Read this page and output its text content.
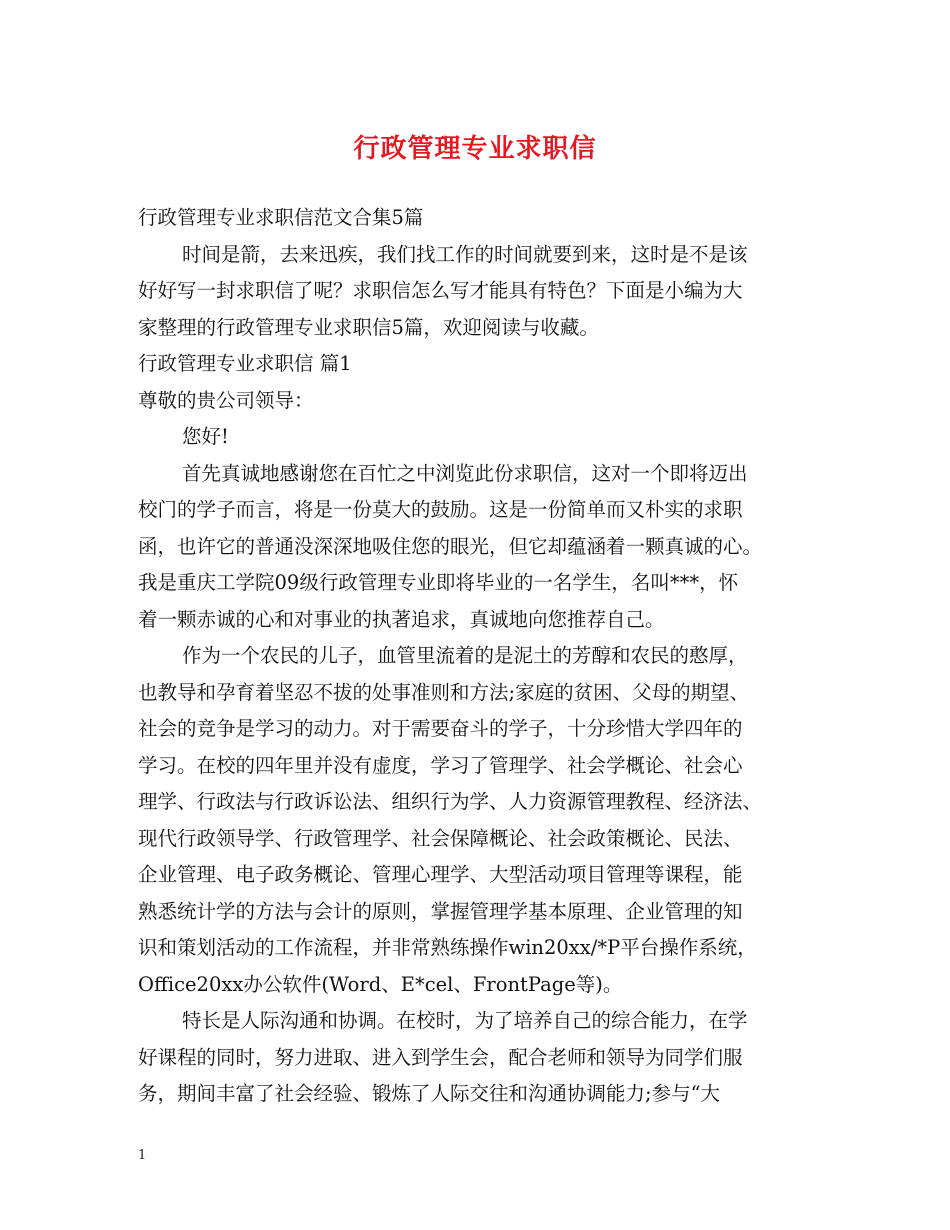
行政管理专业求职信
行政管理专业求职信范文合集5篇
时间是箭，去来迅疾，我们找工作的时间就要到来，这时是不是该
好好写一封求职信了呢？求职信怎么写才能具有特色？下面是小编为大
家整理的行政管理专业求职信5篇，欢迎阅读与收藏。
行政管理专业求职信 篇1
尊敬的贵公司领导：
您好!
首先真诚地感谢您在百忙之中浏览此份求职信，这对一个即将迈出
校门的学子而言，将是一份莫大的鼓励。这是一份简单而又朴实的求职
函，也许它的普通没深深地吸住您的眼光，但它却蕴涵着一颗真诚的心。
我是重庆工学院09级行政管理专业即将毕业的一名学生，名叫***，怀
着一颗赤诚的心和对事业的执著追求，真诚地向您推荐自己。
作为一个农民的儿子，血管里流着的是泥土的芳醇和农民的憨厚，
也教导和孕育着坚忍不拔的处事准则和方法;家庭的贫困、父母的期望、
社会的竞争是学习的动力。对于需要奋斗的学子，十分珍惜大学四年的
学习。在校的四年里并没有虚度，学习了管理学、社会学概论、社会心
理学、行政法与行政诉讼法、组织行为学、人力资源管理教程、经济法、
现代行政领导学、行政管理学、社会保障概论、社会政策概论、民法、
企业管理、电子政务概论、管理心理学、大型活动项目管理等课程，能
熟悉统计学的方法与会计的原则，掌握管理学基本原理、企业管理的知
识和策划活动的工作流程，并非常熟练操作win20xx/*P平台操作系统，
Office20xx办公软件(Word、E*cel、FrontPage等)。
特长是人际沟通和协调。在校时，为了培养自己的综合能力，在学
好课程的同时，努力进取、进入到学生会，配合老师和领导为同学们服
务，期间丰富了社会经验、锻炼了人际交往和沟通协调能力;参与“大
1
